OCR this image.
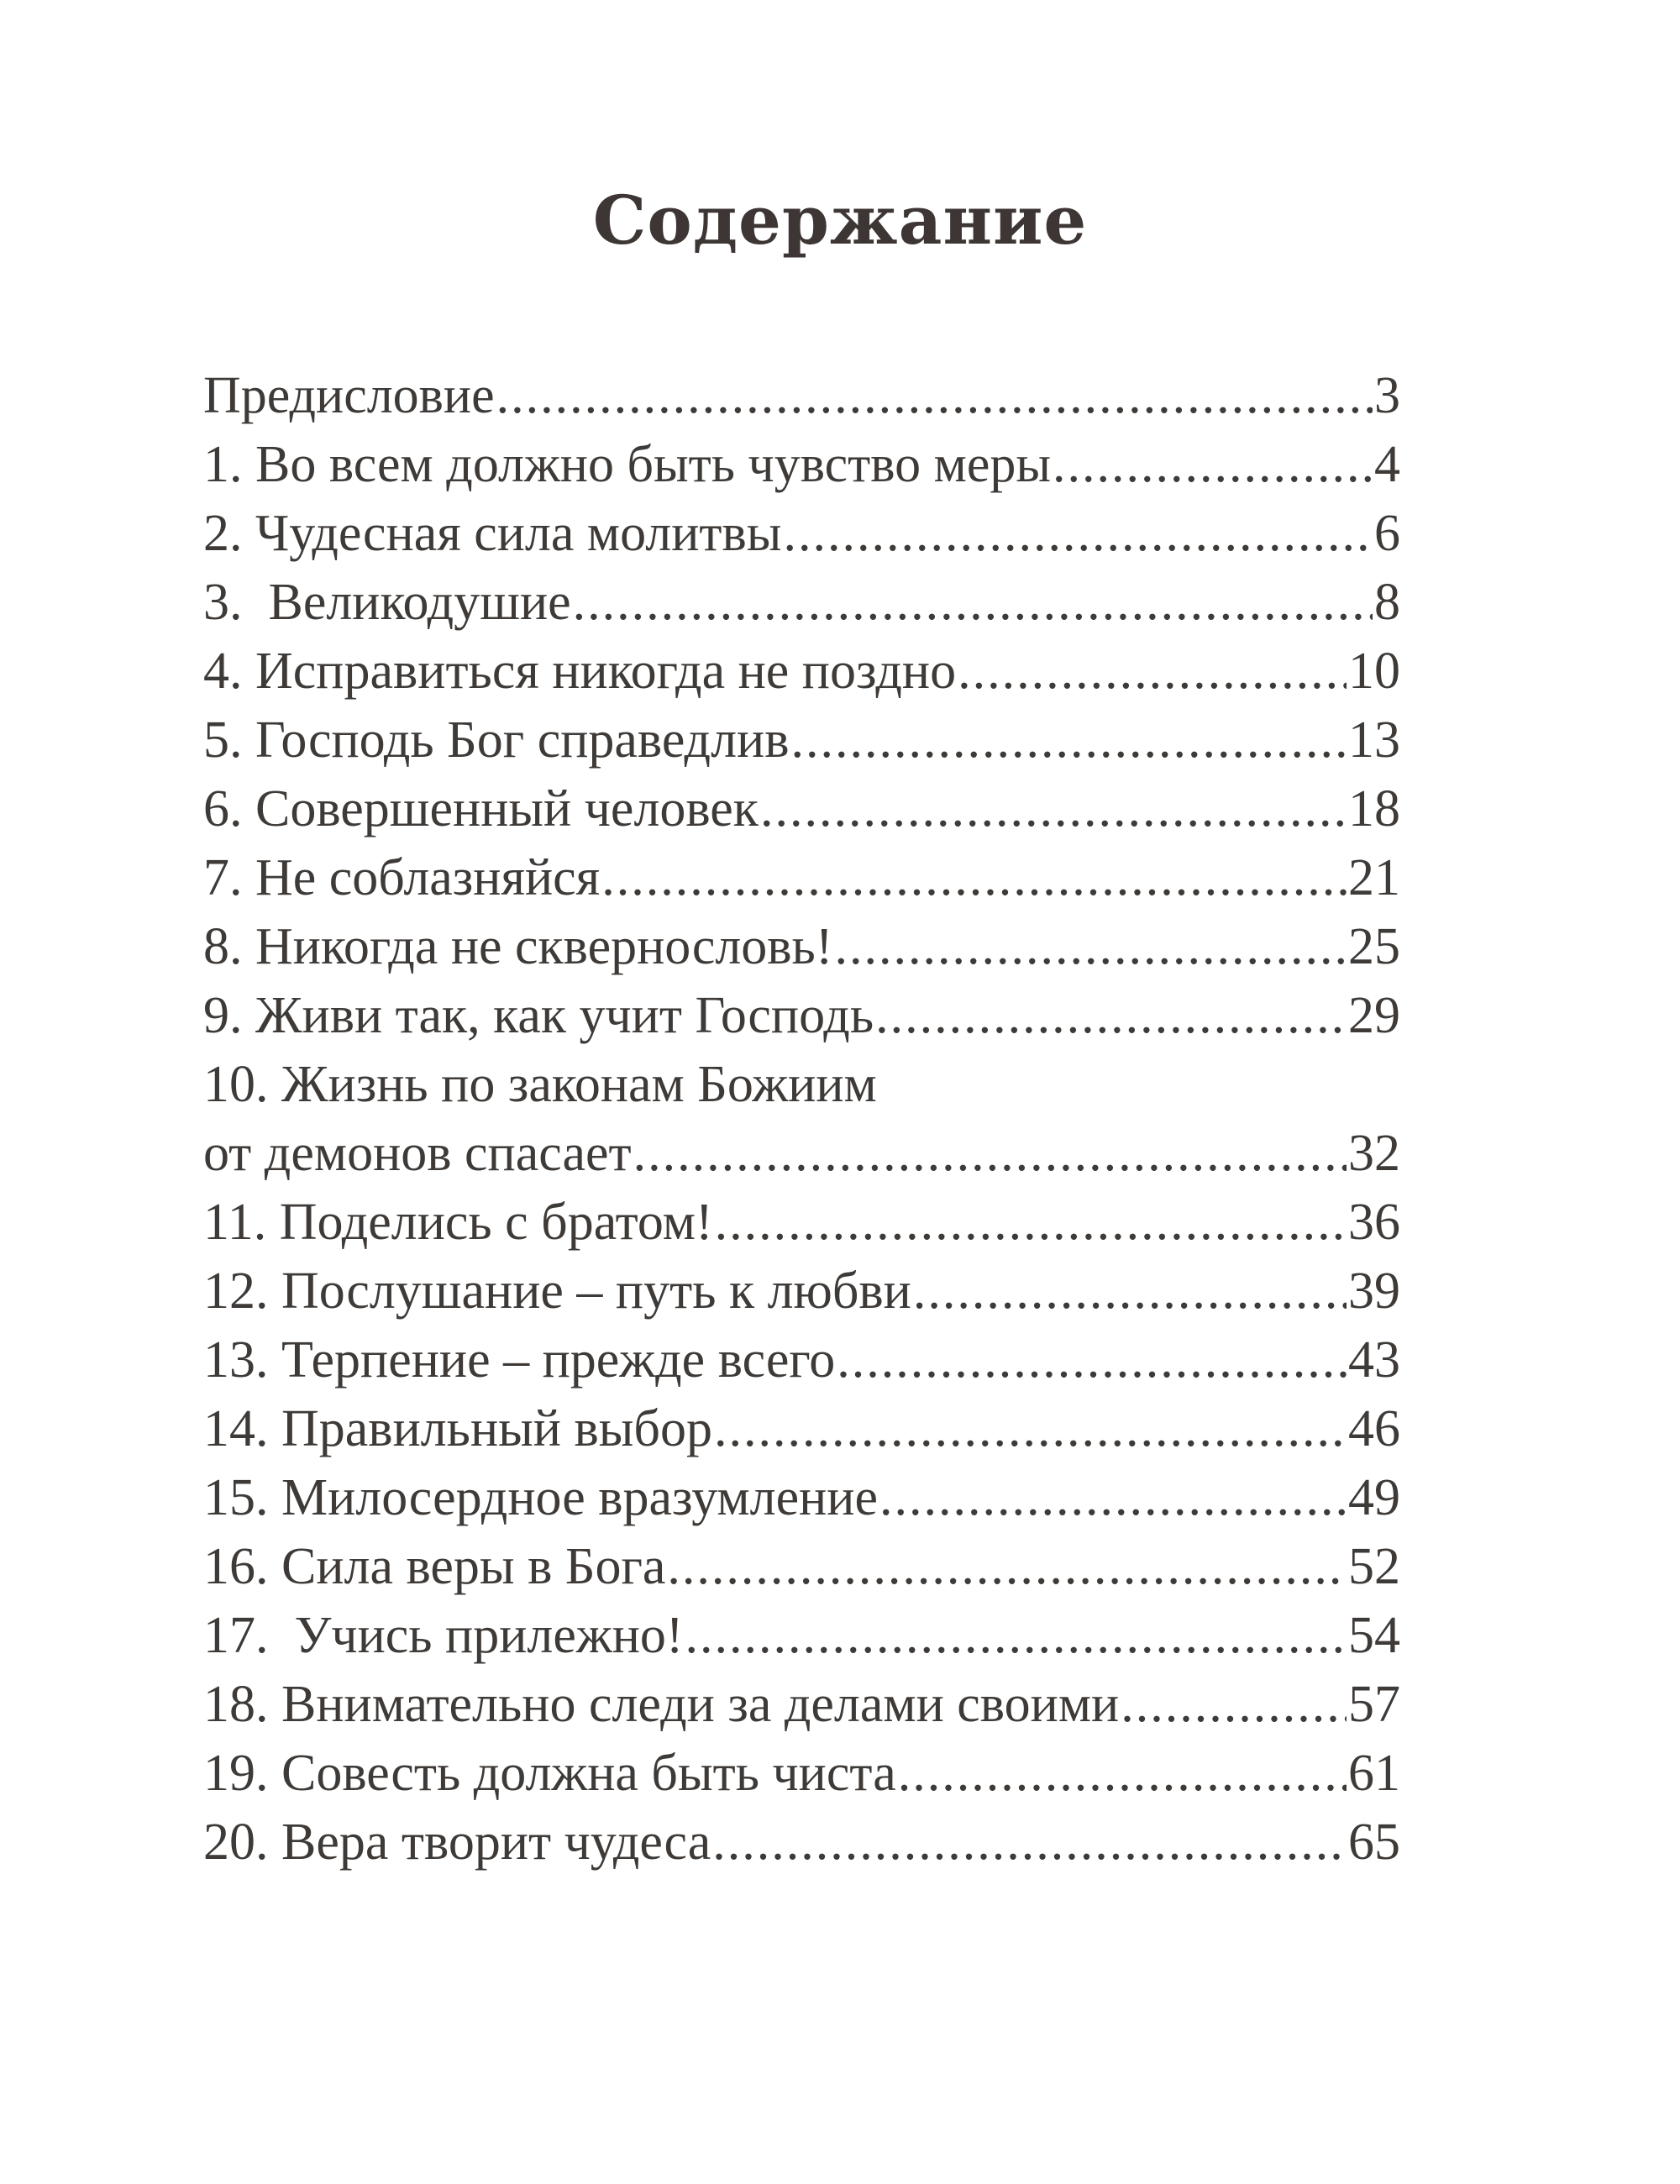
Содержание
Предисловие .....	3
1. Во всем должно быть чувство меры .....	4
2. Чудесная сила молитвы .....	6
3.  Великодушие .....	8
4. Исправиться никогда не поздно .....	10
5. Господь Бог справедлив .....	13
6. Совершенный человек .....	18
7. Не соблазняйся .....	21
8. Никогда не сквернословь! .....	25
9. Живи так, как учит Господь .....	29
10. Жизнь по законам Божиим
от демонов спасает .....	32
11. Поделись с братом! .....	36
12. Послушание – путь к любви .....	39
13. Терпение – прежде всего .....	43
14. Правильный выбор .....	46
15. Милосердное вразумление .....	49
16. Сила веры в Бога .....	52
17.  Учись прилежно! .....	54
18. Внимательно следи за делами своими .....	57
19. Совесть должна быть чиста .....	61
20. Вера творит чудеса .....	65
